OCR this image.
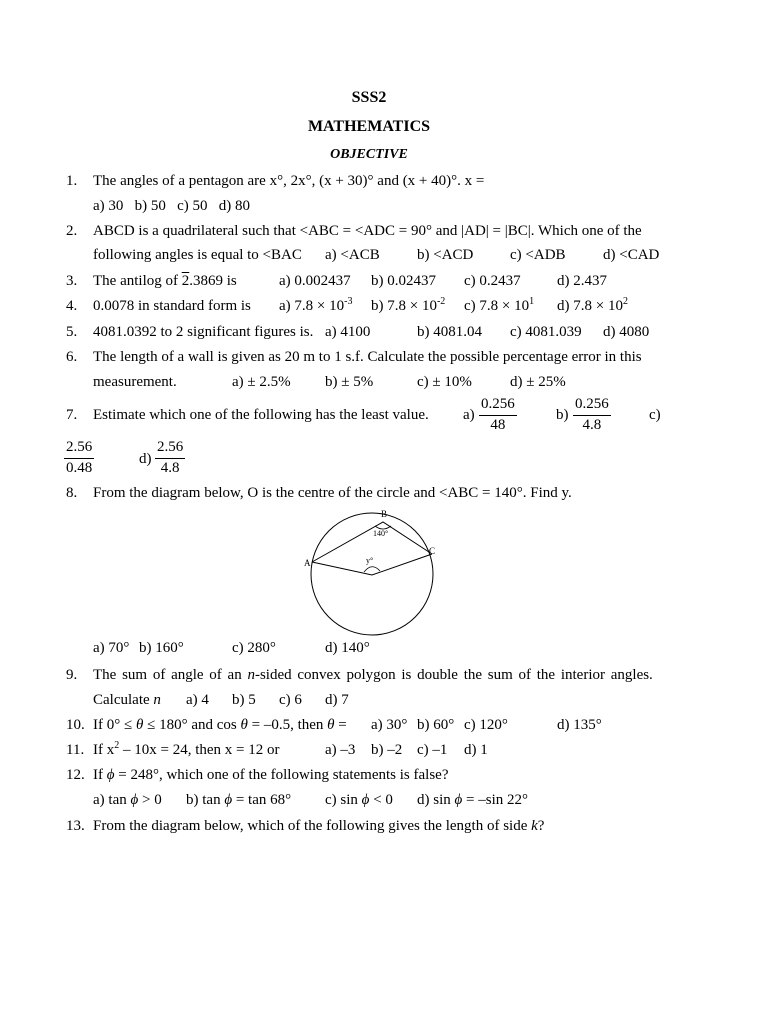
SSS2
MATHEMATICS
OBJECTIVE
1. The angles of a pentagon are x°, 2x°, (x + 30)° and (x + 40)°. x =
a) 30   b) 50   c) 50   d) 80
2. ABCD is a quadrilateral such that <ABC = <ADC = 90° and |AD| = |BC|. Which one of the
following angles is equal to <BAC a) <ACB b) <ACD c) <ADB d) <CAD
3. The antilog of 2.3869 is	a) 0.002437 b) 0.02437 c) 0.2437 d) 2.437
4. 0.0078 in standard form is a) $7.8 \times 10^{-3}$ b) $7.8 \times 10^{-2}$ c) $7.8 \times 10^1$ d) $7.8 \times 10^2$
5. 4081.0392 to 2 significant figures is. a) 4100	b) 4081.04 c) 4081.039 d) 4080
6. The length of a wall is given as 20 m to 1 s.f. Calculate the possible percentage error in this
measurement.	a) ± 2.5% b) ± 5%	c) ± 10%	d) ± 25%
7. Estimate which one of the following has the least value. $a) \frac{0.256}{48}$	$b) \frac{0.256}{4.8}$	c)
$\frac{2.56}{0.48}$	$d) \frac{2.56}{4.8}$
8. From the diagram below, O is the centre of the circle and <ABC = 140°. Find y.
A
B
C
140°
y°
a) 70° b) 160°	c) 280°	d) 140°
9. The sum of angle of an n-sided convex polygon is double the sum of the interior angles.
Calculate n a) 4 b) 5 c) 6 d) 7
10. If 0° ≤ θ ≤ 180° and cos θ = –0.5, then θ = a) 30° b) 60° c) 120°	d) 135°
11. If $x^2 - 10x = 24$, then x = 12 or	a) –3 b) –2 c) –1 d) 1
12. If ϕ = 248°, which one of the following statements is false?
a) tan ϕ > 0 b) tan ϕ = tan 68° c) sin ϕ < 0 d) sin ϕ = –sin 22°
13. From the diagram below, which of the following gives the length of side k?
